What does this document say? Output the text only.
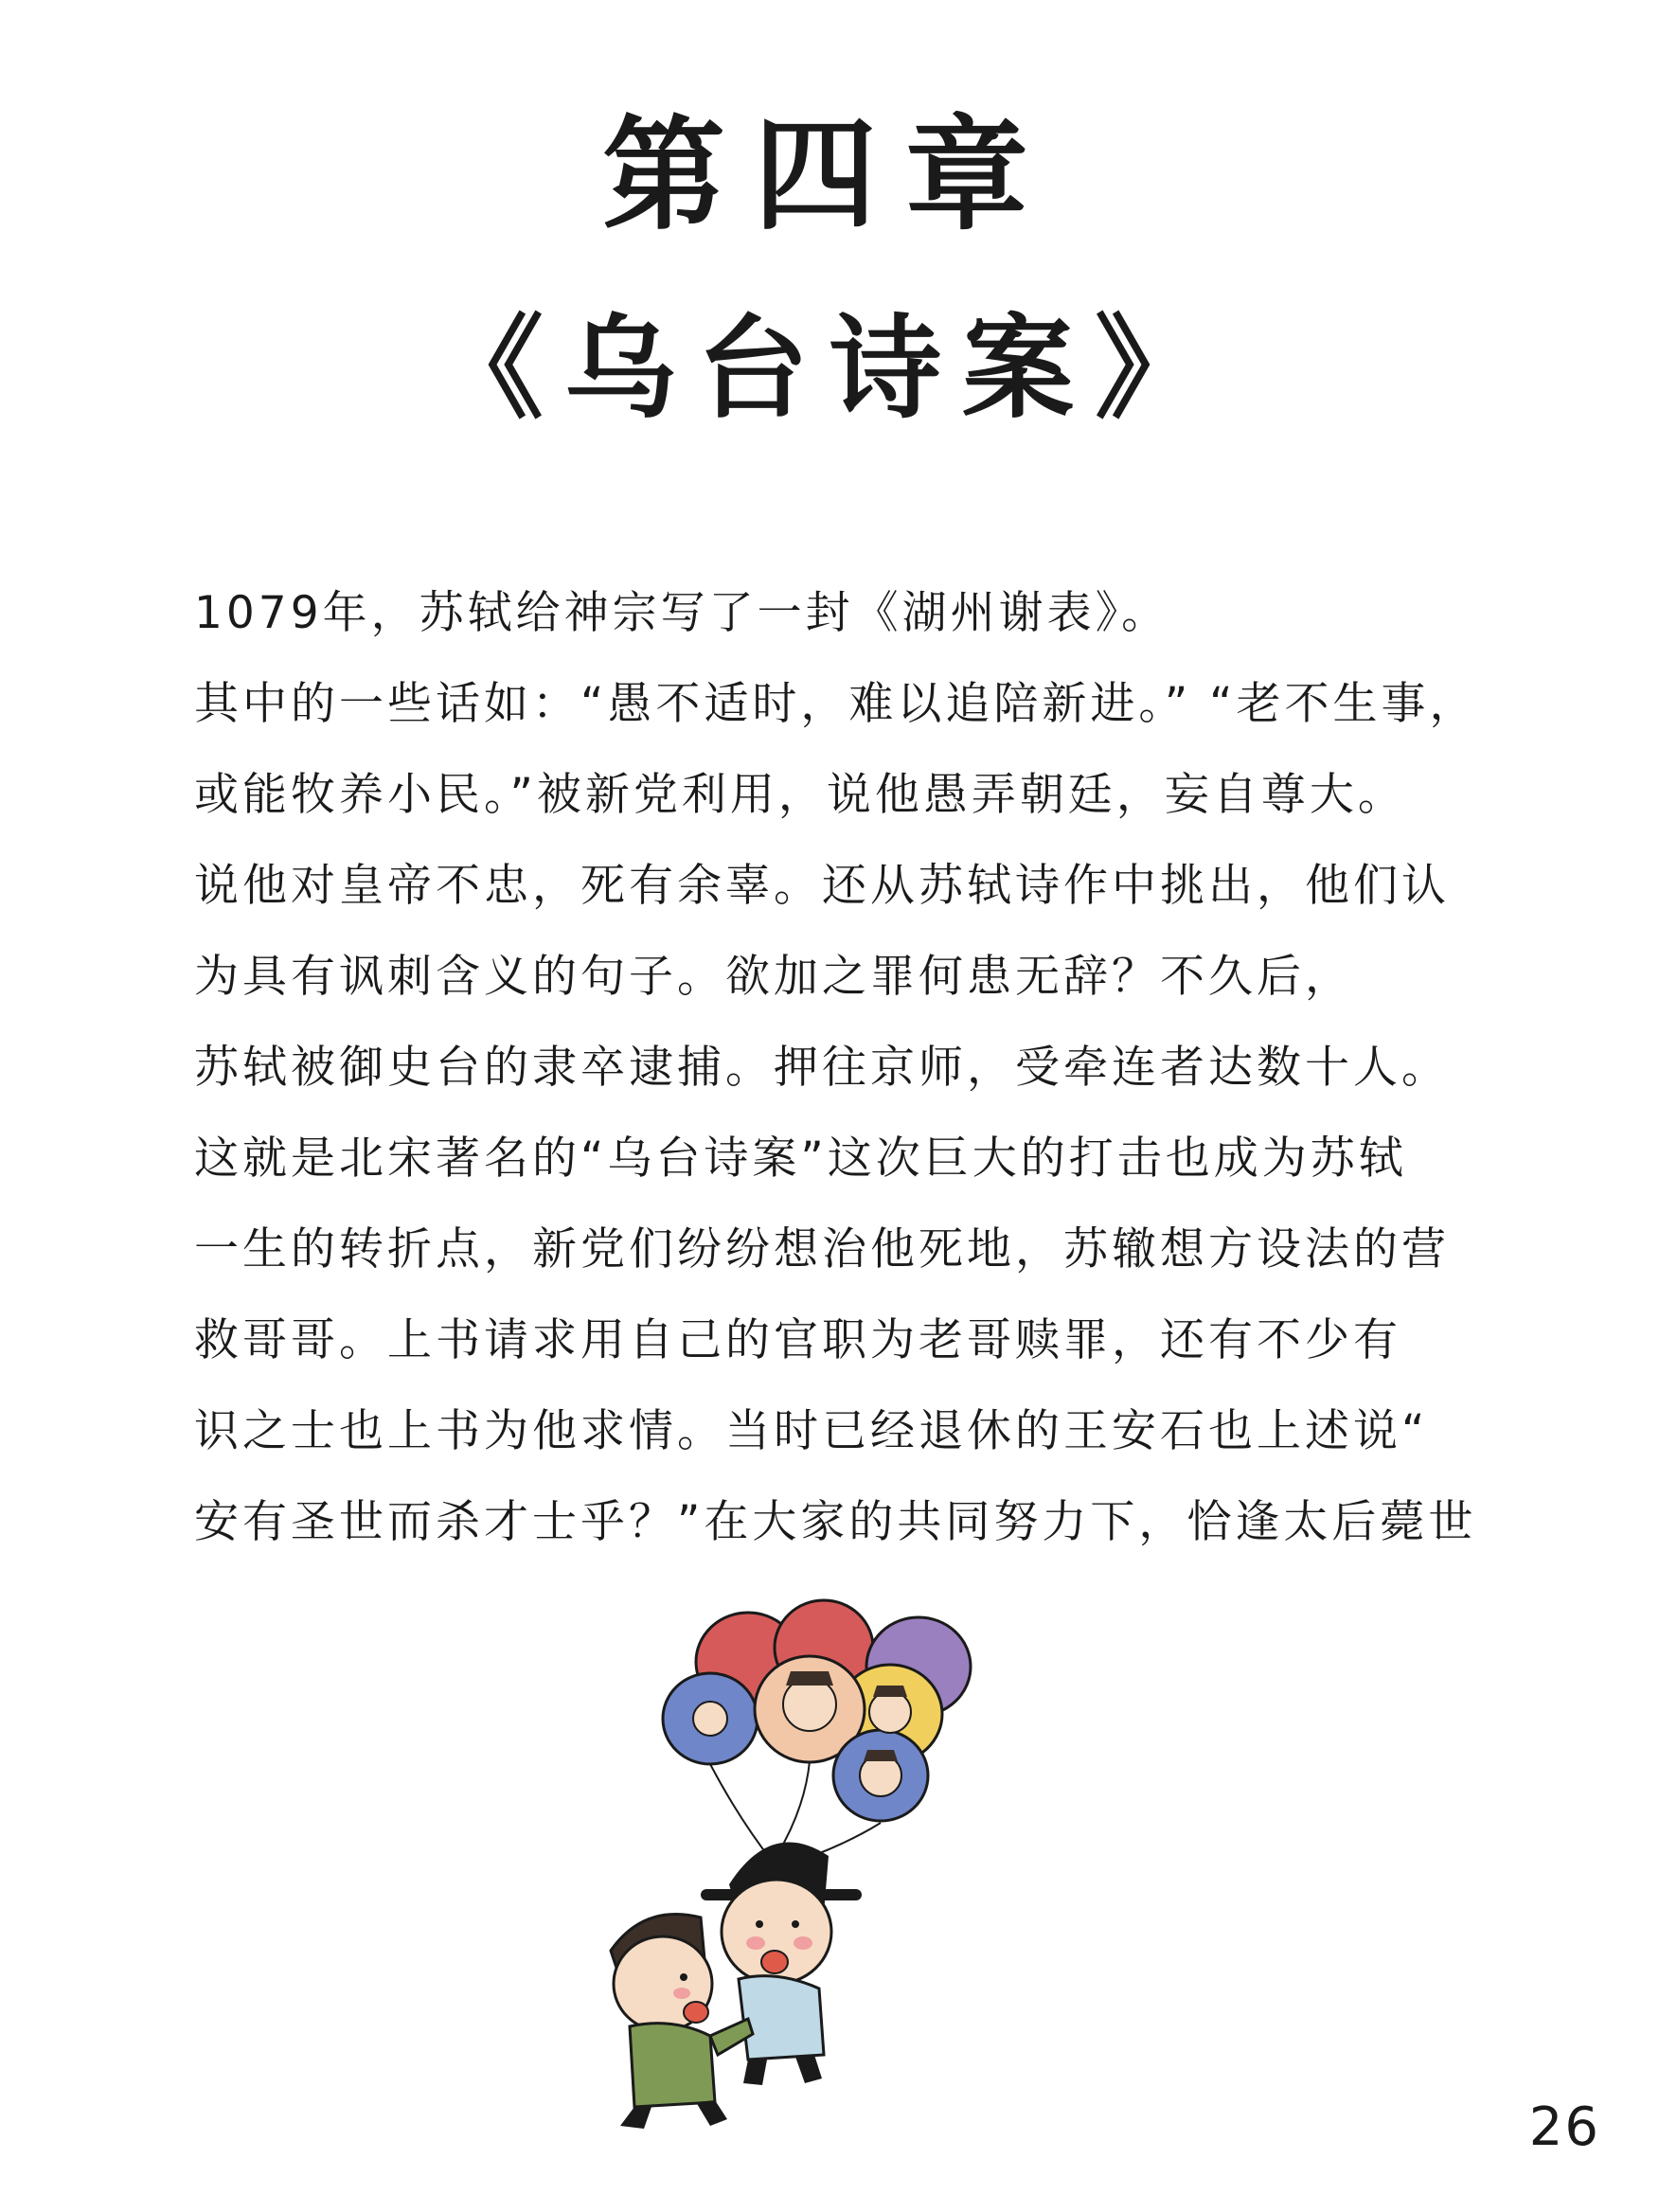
第四章
《乌台诗案》
1079年，苏轼给神宗写了一封《湖州谢表》。
其中的一些话如：“愚不适时，难以追陪新进。” “老不生事，
或能牧养小民。”被新党利用，说他愚弄朝廷，妄自尊大。
说他对皇帝不忠，死有余辜。还从苏轼诗作中挑出，他们认
为具有讽刺含义的句子。欲加之罪何患无辞？不久后，
苏轼被御史台的隶卒逮捕。押往京师，受牵连者达数十人。
这就是北宋著名的“乌台诗案”这次巨大的打击也成为苏轼
一生的转折点，新党们纷纷想治他死地，苏辙想方设法的营
救哥哥。上书请求用自己的官职为老哥赎罪，还有不少有
识之士也上书为他求情。当时已经退休的王安石也上述说“
安有圣世而杀才士乎？”在大家的共同努力下，恰逢太后薨世
26
